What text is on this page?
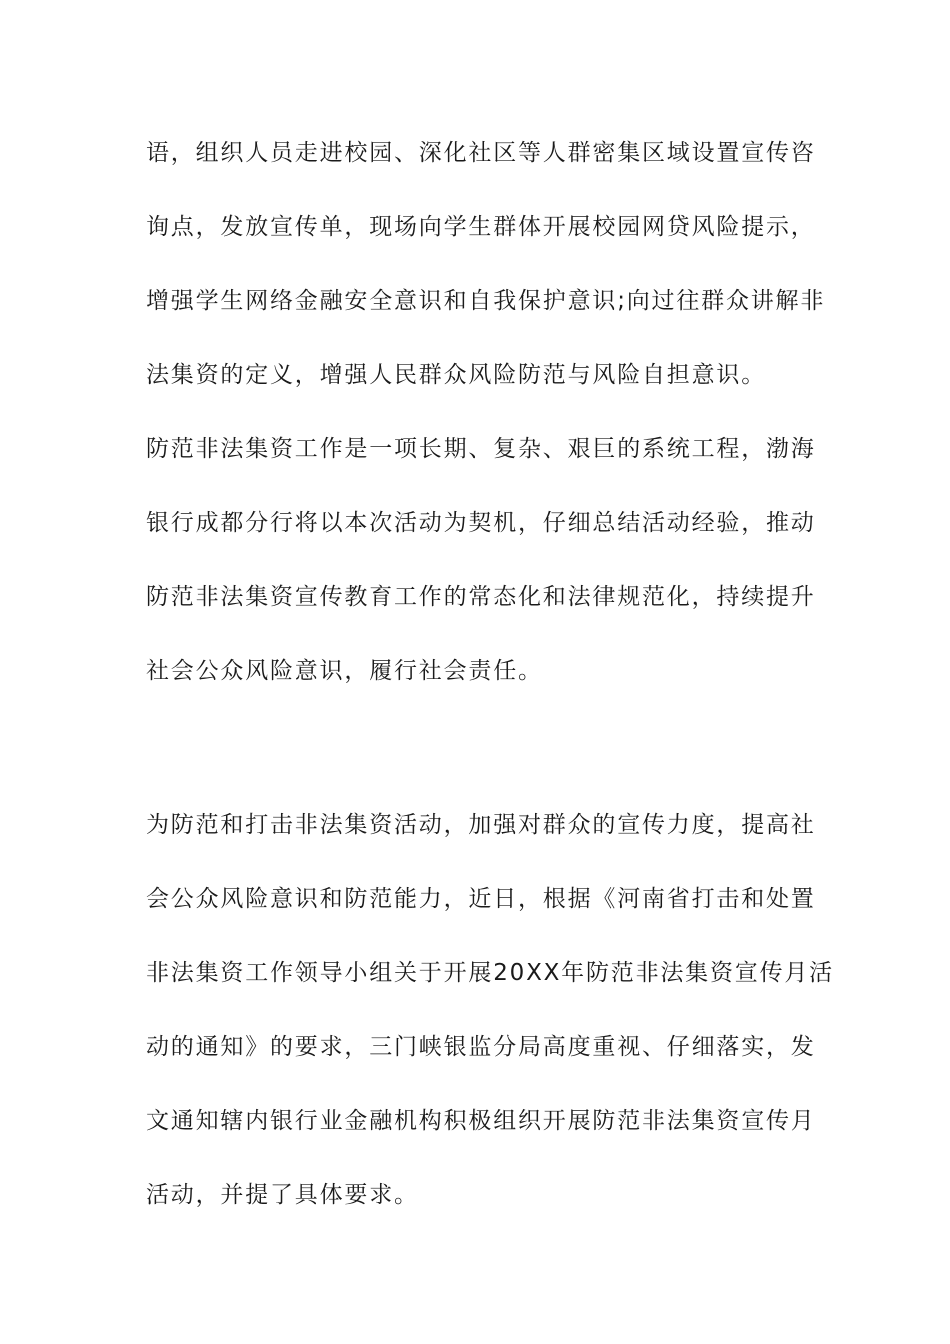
语，组织人员走进校园、深化社区等人群密集区域设置宣传咨
询点，发放宣传单，现场向学生群体开展校园网贷风险提示，
增强学生网络金融安全意识和自我保护意识;向过往群众讲解非
法集资的定义，增强人民群众风险防范与风险自担意识。
防范非法集资工作是一项长期、复杂、艰巨的系统工程，渤海
银行成都分行将以本次活动为契机，仔细总结活动经验，推动
防范非法集资宣传教育工作的常态化和法律规范化，持续提升
社会公众风险意识，履行社会责任。
为防范和打击非法集资活动，加强对群众的宣传力度，提高社
会公众风险意识和防范能力，近日，根据《河南省打击和处置
非法集资工作领导小组关于开展20XX年防范非法集资宣传月活
动的通知》的要求，三门峡银监分局高度重视、仔细落实，发
文通知辖内银行业金融机构积极组织开展防范非法集资宣传月
活动，并提了具体要求。
